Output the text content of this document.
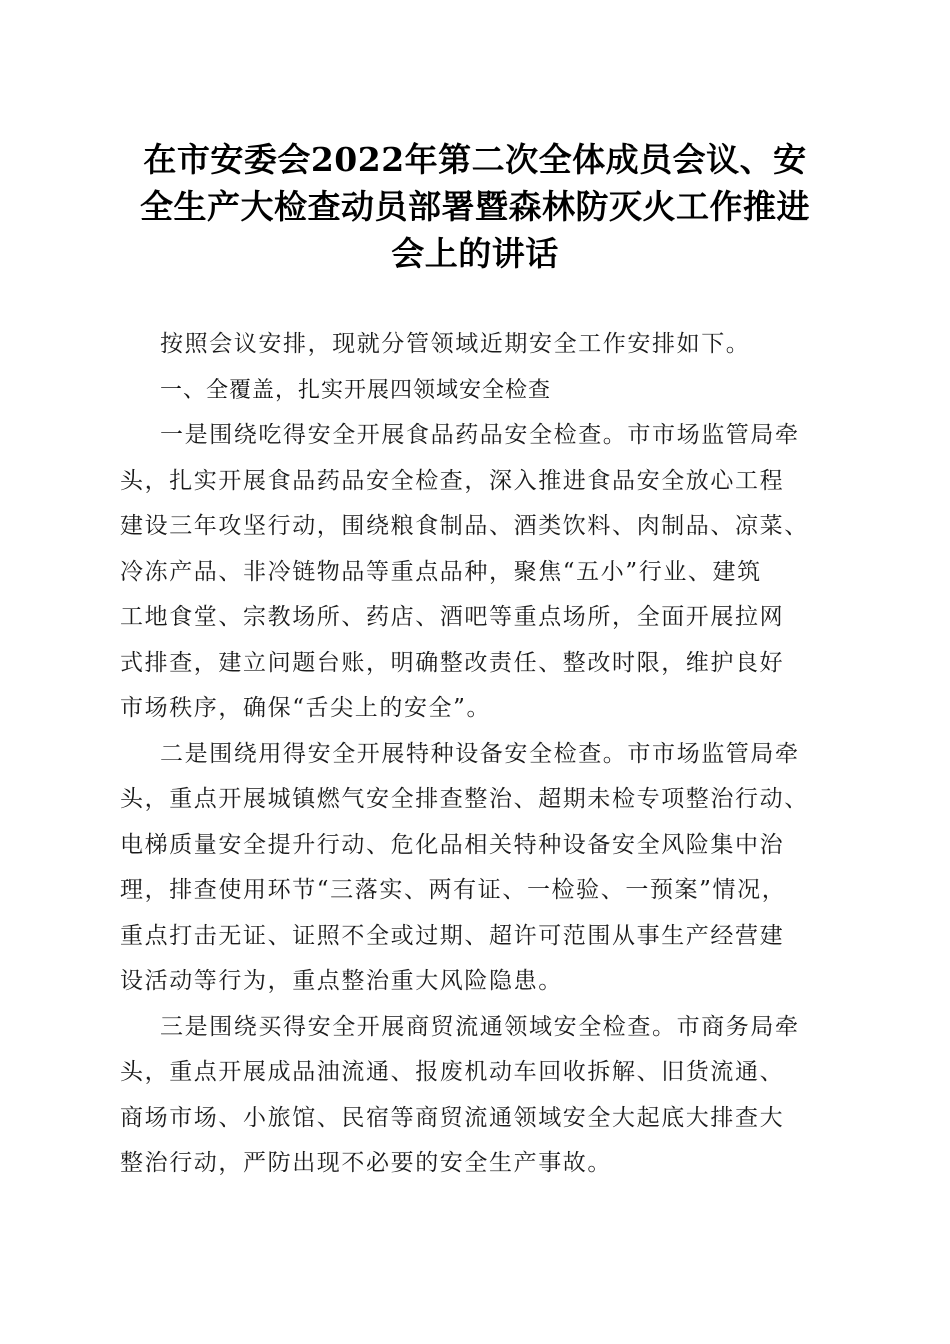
在市安委会2022年第二次全体成员会议、安
全生产大检查动员部署暨森林防灭火工作推进
会上的讲话

按照会议安排，现就分管领域近期安全工作安排如下。

一、全覆盖，扎实开展四领域安全检查

一是围绕吃得安全开展食品药品安全检查。市市场监管局牵
头，扎实开展食品药品安全检查，深入推进食品安全放心工程
建设三年攻坚行动，围绕粮食制品、酒类饮料、肉制品、凉菜、
冷冻产品、非冷链物品等重点品种，聚焦“五小”行业、建筑
工地食堂、宗教场所、药店、酒吧等重点场所，全面开展拉网
式排查，建立问题台账，明确整改责任、整改时限，维护良好
市场秩序，确保“舌尖上的安全”。

二是围绕用得安全开展特种设备安全检查。市市场监管局牵
头，重点开展城镇燃气安全排查整治、超期未检专项整治行动、
电梯质量安全提升行动、危化品相关特种设备安全风险集中治
理，排查使用环节“三落实、两有证、一检验、一预案”情况，
重点打击无证、证照不全或过期、超许可范围从事生产经营建
设活动等行为，重点整治重大风险隐患。

三是围绕买得安全开展商贸流通领域安全检查。市商务局牵
头，重点开展成品油流通、报废机动车回收拆解、旧货流通、
商场市场、小旅馆、民宿等商贸流通领域安全大起底大排查大
整治行动，严防出现不必要的安全生产事故。
